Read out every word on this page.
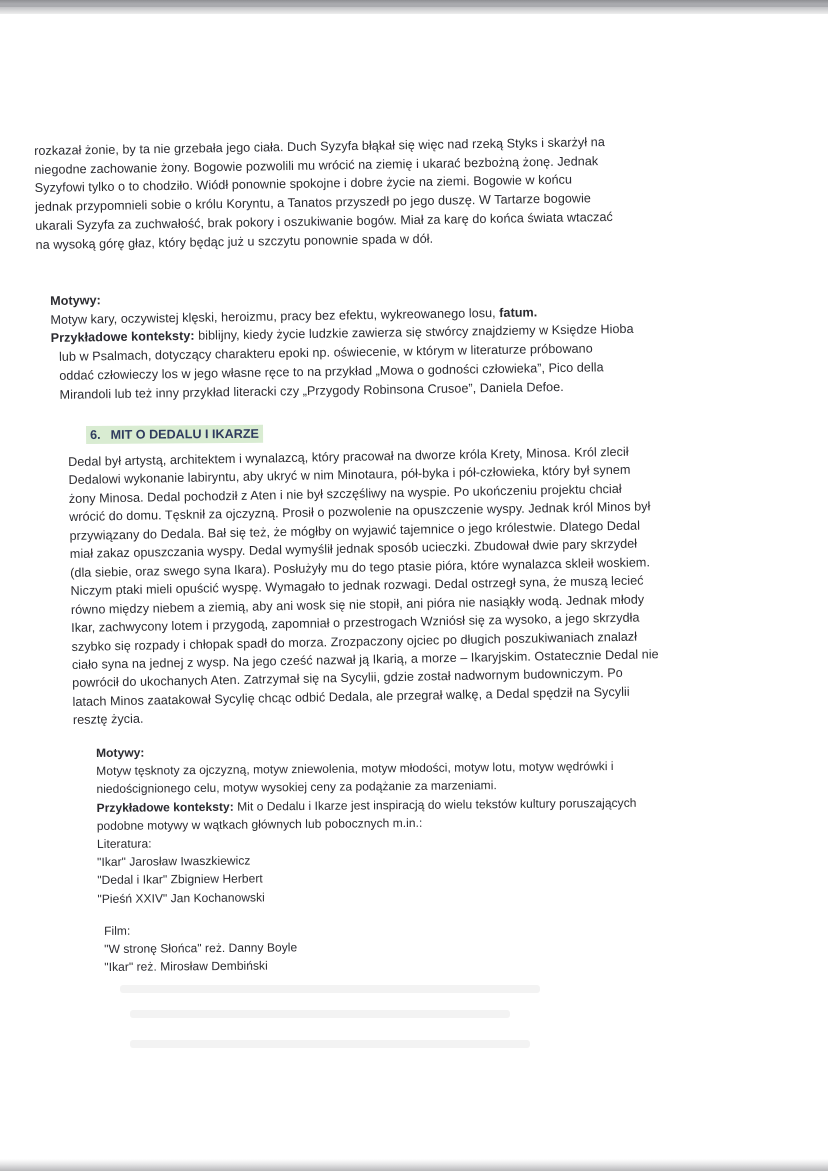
rozkazał żonie, by ta nie grzebała jego ciała. Duch Syzyfa błąkał się więc nad rzeką Styks i skarżył na
niegodne zachowanie żony. Bogowie pozwolili mu wrócić na ziemię i ukarać bezbożną żonę. Jednak
Syzyfowi tylko o to chodziło. Wiódł ponownie spokojne i dobre życie na ziemi. Bogowie w końcu
jednak przypomnieli sobie o królu Koryntu, a Tanatos przyszedł po jego duszę. W Tartarze bogowie
ukarali Syzyfa za zuchwałość, brak pokory i oszukiwanie bogów. Miał za karę do końca świata wtaczać
na wysoką górę głaz, który będąc już u szczytu ponownie spada w dół.
Motywy:
Motyw kary, oczywistej klęski, heroizmu, pracy bez efektu, wykreowanego losu, fatum.
Przykładowe konteksty: biblijny, kiedy życie ludzkie zawierza się stwórcy znajdziemy w Księdze Hioba
lub w Psalmach, dotyczący charakteru epoki np. oświecenie, w którym w literaturze próbowano
oddać człowieczy los w jego własne ręce to na przykład „Mowa o godności człowieka”, Pico della
Mirandoli lub też inny przykład literacki czy „Przygody Robinsona Crusoe”, Daniela Defoe.
6. MIT O DEDALU I IKARZE
Dedal był artystą, architektem i wynalazcą, który pracował na dworze króla Krety, Minosa. Król zlecił
Dedalowi wykonanie labiryntu, aby ukryć w nim Minotaura, pół-byka i pół-człowieka, który był synem
żony Minosa. Dedal pochodził z Aten i nie był szczęśliwy na wyspie. Po ukończeniu projektu chciał
wrócić do domu. Tęsknił za ojczyzną. Prosił o pozwolenie na opuszczenie wyspy. Jednak król Minos był
przywiązany do Dedala. Bał się też, że mógłby on wyjawić tajemnice o jego królestwie. Dlatego Dedal
miał zakaz opuszczania wyspy. Dedal wymyślił jednak sposób ucieczki. Zbudował dwie pary skrzydeł
(dla siebie, oraz swego syna Ikara). Posłużyły mu do tego ptasie pióra, które wynalazca skleił woskiem.
Niczym ptaki mieli opuścić wyspę. Wymagało to jednak rozwagi. Dedal ostrzegł syna, że muszą lecieć
równo między niebem a ziemią, aby ani wosk się nie stopił, ani pióra nie nasiąkły wodą. Jednak młody
Ikar, zachwycony lotem i przygodą, zapomniał o przestrogach Wzniósł się za wysoko, a jego skrzydła
szybko się rozpady i chłopak spadł do morza. Zrozpaczony ojciec po długich poszukiwaniach znalazł
ciało syna na jednej z wysp. Na jego cześć nazwał ją Ikarią, a morze – Ikaryjskim. Ostatecznie Dedal nie
powrócił do ukochanych Aten. Zatrzymał się na Sycylii, gdzie został nadwornym budowniczym. Po
latach Minos zaatakował Sycylię chcąc odbić Dedala, ale przegrał walkę, a Dedal spędził na Sycylii
resztę życia.
Motywy:
Motyw tęsknoty za ojczyzną, motyw zniewolenia, motyw młodości, motyw lotu, motyw wędrówki i
niedoścignionego celu, motyw wysokiej ceny za podążanie za marzeniami.
Przykładowe konteksty: Mit o Dedalu i Ikarze jest inspiracją do wielu tekstów kultury poruszających
podobne motywy w wątkach głównych lub pobocznych m.in.:
Literatura:
"Ikar" Jarosław Iwaszkiewicz
"Dedal i Ikar" Zbigniew Herbert
"Pieśń XXIV" Jan Kochanowski
Film:
"W stronę Słońca" reż. Danny Boyle
"Ikar" reż. Mirosław Dembiński
